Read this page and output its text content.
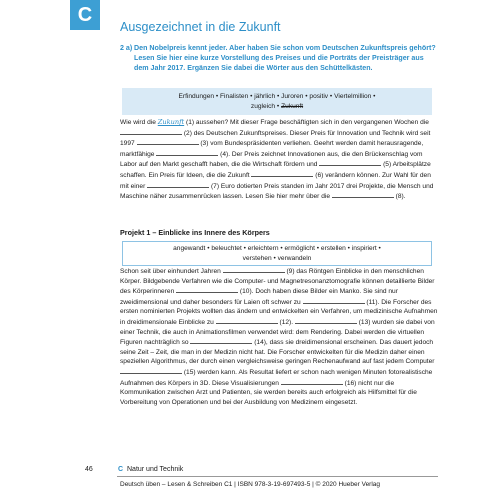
C
Ausgezeichnet in die Zukunft
2 a) Den Nobelpreis kennt jeder. Aber haben Sie schon vom Deutschen Zukunftspreis gehört? Lesen Sie hier eine kurze Vorstellung des Preises und die Porträts der Preisträger aus dem Jahr 2017. Ergänzen Sie dabei die Wörter aus den Schüttelkästen.
Erfindungen • Finalisten • jährlich • Juroren • positiv • Viertelmillion •
zugleich • Zukunft
Wie wird die Zukunft (1) aussehen? Mit dieser Frage beschäftigten sich in den vergangenen Wochen die  (2) des Deutschen Zukunftspreises. Dieser Preis für Innovation und Technik wird seit 1997	(3) vom Bundespräsidenten verliehen. Geehrt werden damit herausragende, marktfähige	(4). Der Preis zeichnet Innovationen aus, die den Brückenschlag vom Labor auf den Markt geschafft haben, die die Wirtschaft fördern und	(5) Arbeitsplätze schaffen. Ein Preis für Ideen, die die Zukunft	(6) verändern können. Zur Wahl für den mit einer	(7) Euro dotierten Preis standen im Jahr 2017 drei Projekte, die Mensch und Maschine näher zusammenrücken lassen. Lesen Sie hier mehr über die	(8).
Projekt 1 – Einblicke ins Innere des Körpers
angewandt • beleuchtet • erleichtern • ermöglicht • erstellen • inspiriert •
verstehen • verwandeln
Schon seit über einhundert Jahren	(9) das Röntgen Einblicke in den menschlichen Körper. Bildgebende Verfahren wie die Computer- und Magnetresonanztomografie können detaillierte Bilder des Körperinneren	(10). Doch haben diese Bilder ein Manko. Sie sind nur zweidimensional und daher besonders für Laien oft schwer zu	(11). Die Forscher des ersten nominierten Projekts wollten das ändern und entwickelten ein Verfahren, um medizinische Aufnahmen in dreidimensionale Einblicke zu	(12).	(13) wurden sie dabei von einer Technik, die auch in Animationsfilmen verwendet wird: dem Rendering. Dabei werden die virtuellen Figuren nachträglich so	(14), dass sie dreidimensional erscheinen. Das dauert jedoch seine Zeit – Zeit, die man in der Medizin nicht hat. Die Forscher entwickelten für die Medizin daher einen speziellen Algorithmus, der durch einen vergleichsweise geringen Rechenaufwand auf fast jedem Computer  (15) werden kann. Als Resultat liefert er schon nach wenigen Minuten fotorealistische Aufnahmen des Körpers in 3D. Diese Visualisierungen	(16) nicht nur die Kommunikation zwischen Arzt und Patienten, sie werden bereits auch erfolgreich als Hilfsmittel für die Vorbereitung von Operationen und bei der Ausbildung von Medizinern eingesetzt.
46	C Natur und Technik
Deutsch üben – Lesen & Schreiben C1 | ISBN 978-3-19-697493-5 | © 2020 Hueber Verlag
